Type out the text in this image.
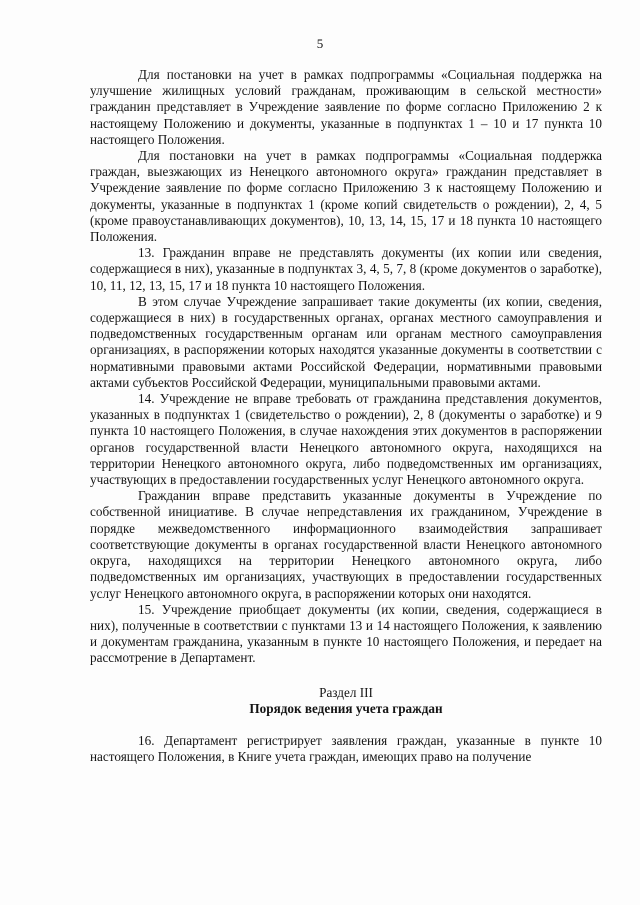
5

Для постановки на учет в рамках подпрограммы «Социальная поддержка на улучшение жилищных условий гражданам, проживающим в сельской местности» гражданин представляет в Учреждение заявление по форме согласно Приложению 2 к настоящему Положению и документы, указанные в подпунктах 1 – 10 и 17 пункта 10 настоящего Положения.

Для постановки на учет в рамках подпрограммы «Социальная поддержка граждан, выезжающих из Ненецкого автономного округа» гражданин представляет в Учреждение заявление по форме согласно Приложению 3 к настоящему Положению и документы, указанные в подпунктах 1 (кроме копий свидетельств о рождении), 2, 4, 5 (кроме правоустанавливающих документов), 10, 13, 14, 15, 17 и 18 пункта 10 настоящего Положения.

13. Гражданин вправе не представлять документы (их копии или сведения, содержащиеся в них), указанные в подпунктах 3, 4, 5, 7, 8 (кроме документов о заработке), 10, 11, 12, 13, 15, 17 и 18 пункта 10 настоящего Положения.

В этом случае Учреждение запрашивает такие документы (их копии, сведения, содержащиеся в них) в государственных органах, органах местного самоуправления и подведомственных государственным органам или органам местного самоуправления организациях, в распоряжении которых находятся указанные документы в соответствии с нормативными правовыми актами Российской Федерации, нормативными правовыми актами субъектов Российской Федерации, муниципальными правовыми актами.

14. Учреждение не вправе требовать от гражданина представления документов, указанных в подпунктах 1 (свидетельство о рождении), 2, 8 (документы о заработке) и 9 пункта 10 настоящего Положения, в случае нахождения этих документов в распоряжении органов государственной власти Ненецкого автономного округа, находящихся на территории Ненецкого автономного округа, либо подведомственных им организациях, участвующих в предоставлении государственных услуг Ненецкого автономного округа.

Гражданин вправе представить указанные документы в Учреждение по собственной инициативе. В случае непредставления их гражданином, Учреждение в порядке межведомственного информационного взаимодействия запрашивает соответствующие документы в органах государственной власти Ненецкого автономного округа, находящихся на территории Ненецкого автономного округа, либо подведомственных им организациях, участвующих в предоставлении государственных услуг Ненецкого автономного округа, в распоряжении которых они находятся.

15. Учреждение приобщает документы (их копии, сведения, содержащиеся в них), полученные в соответствии с пунктами 13 и 14 настоящего Положения, к заявлению и документам гражданина, указанным в пункте 10 настоящего Положения, и передает на рассмотрение в Департамент.

Раздел III
Порядок ведения учета граждан

16. Департамент регистрирует заявления граждан, указанные в пункте 10 настоящего Положения, в Книге учета граждан, имеющих право на получение
